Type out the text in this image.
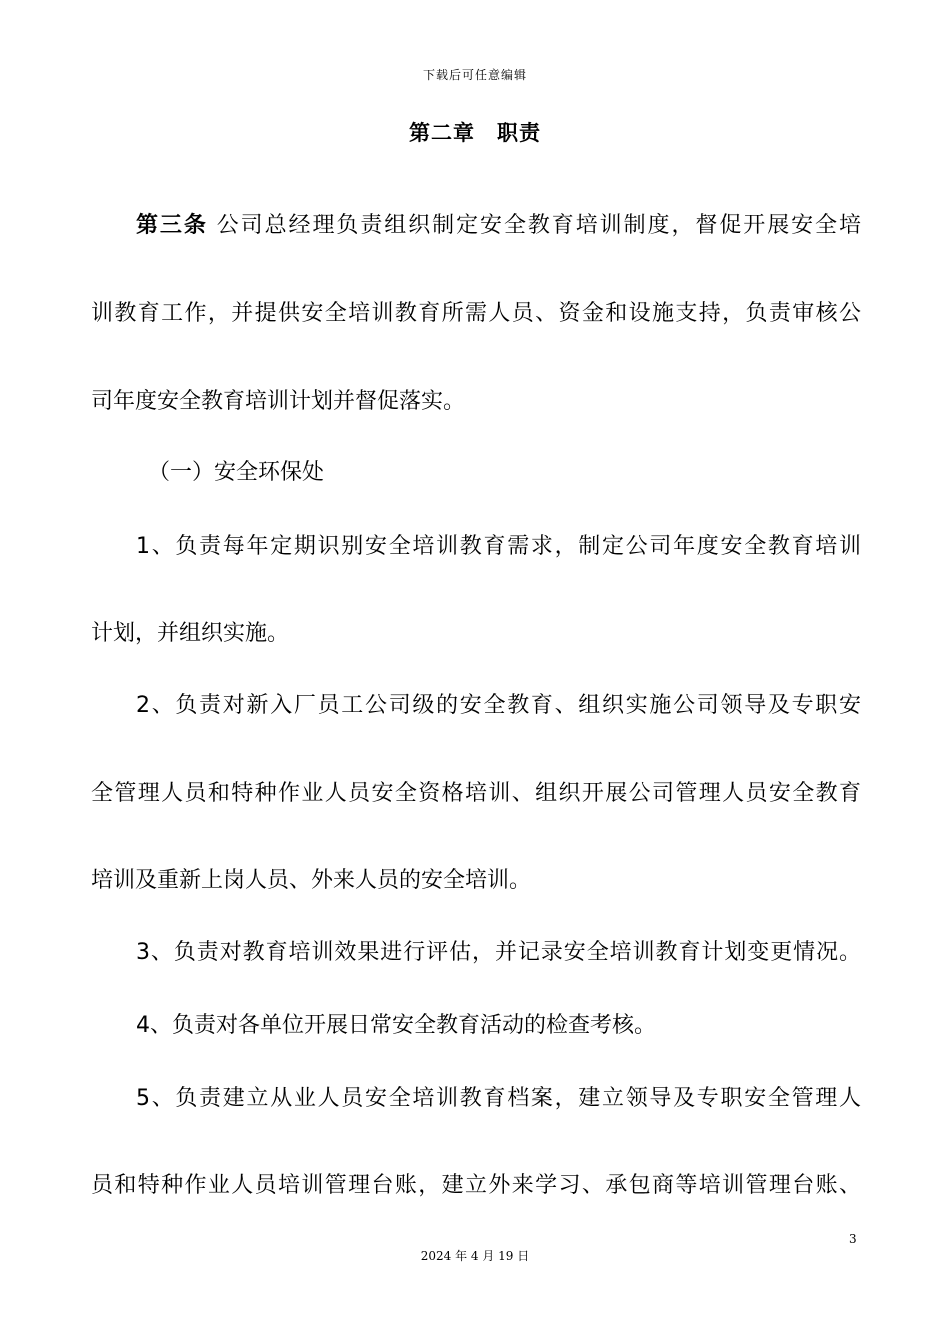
下载后可任意编辑
第二章　职责
第三条 公司总经理负责组织制定安全教育培训制度，督促开展安全培
训教育工作，并提供安全培训教育所需人员、资金和设施支持，负责审核公
司年度安全教育培训计划并督促落实。
（一）安全环保处
1、负责每年定期识别安全培训教育需求，制定公司年度安全教育培训
计划，并组织实施。
2、负责对新入厂员工公司级的安全教育、组织实施公司领导及专职安
全管理人员和特种作业人员安全资格培训、组织开展公司管理人员安全教育
培训及重新上岗人员、外来人员的安全培训。
3、负责对教育培训效果进行评估，并记录安全培训教育计划变更情况。
4、负责对各单位开展日常安全教育活动的检查考核。
5、负责建立从业人员安全培训教育档案，建立领导及专职安全管理人
员和特种作业人员培训管理台账，建立外来学习、承包商等培训管理台账、
3
2024 年 4 月 19 日
